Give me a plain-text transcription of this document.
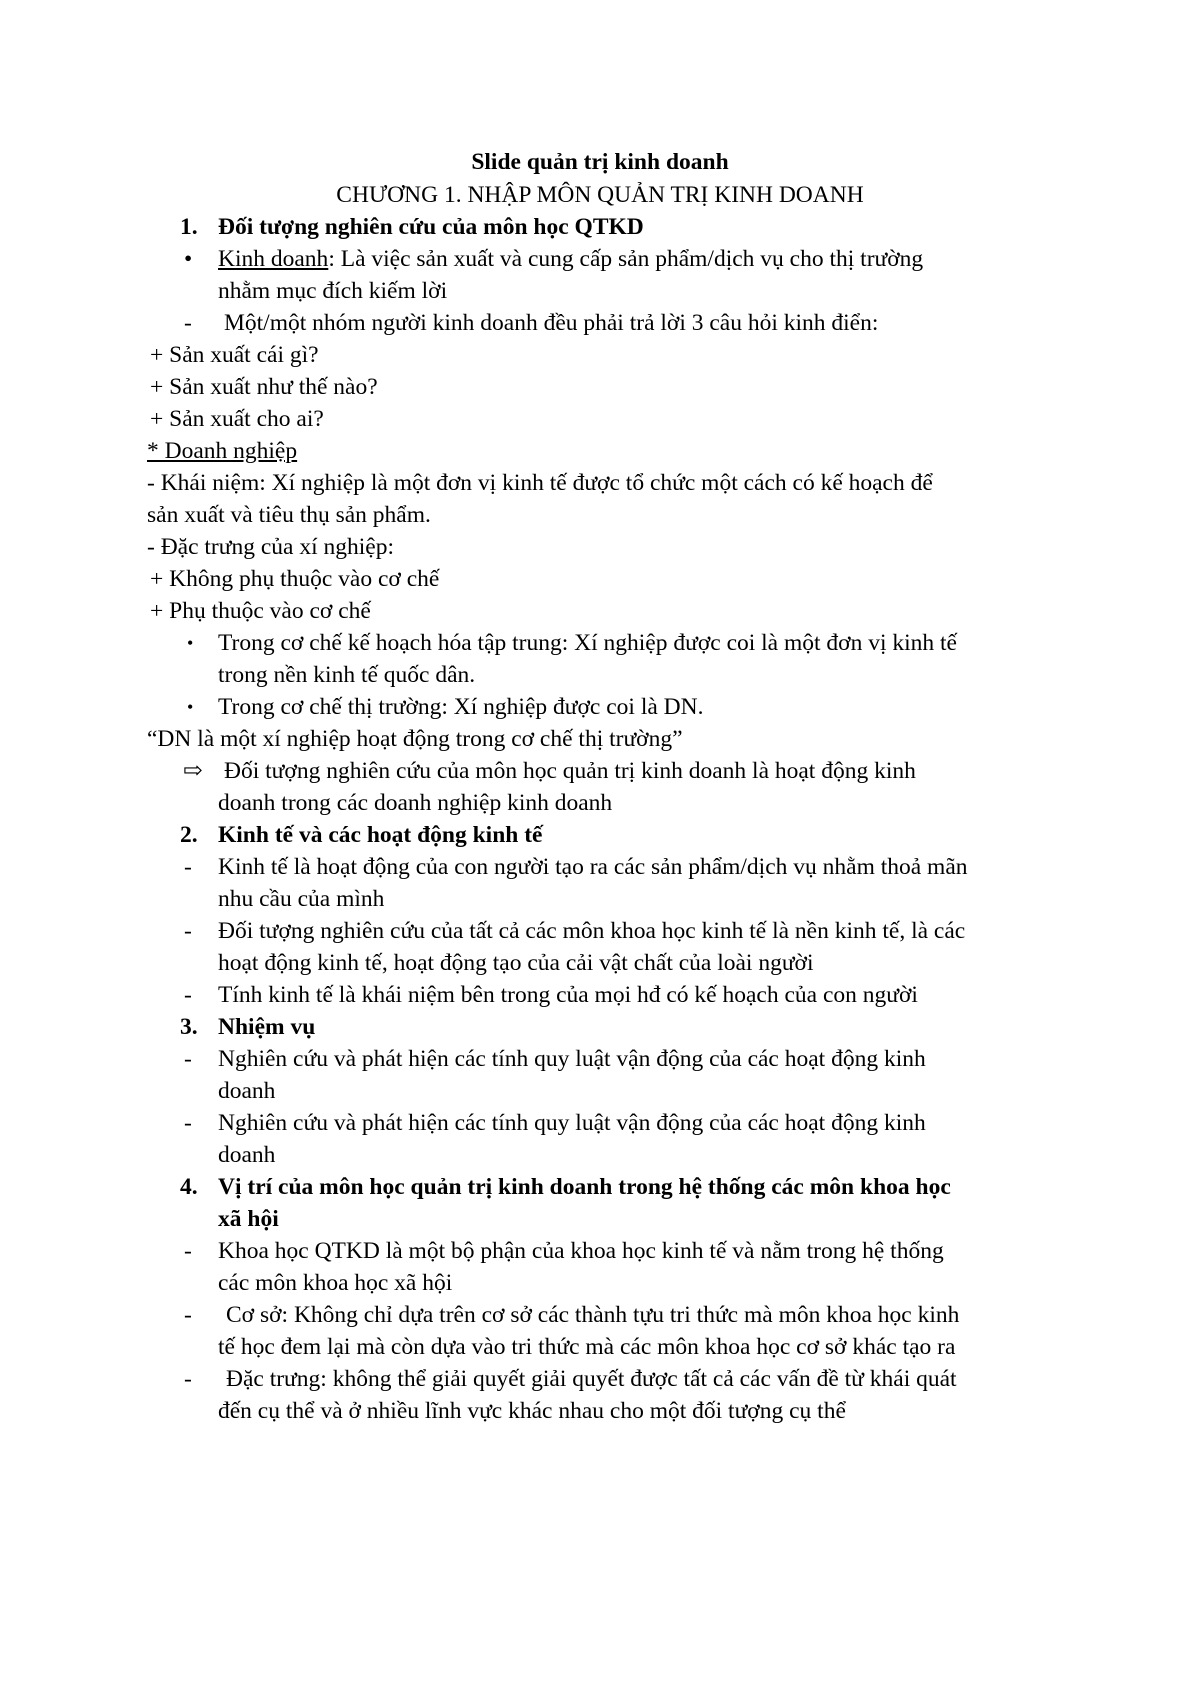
Slide quản trị kinh doanh
CHƯƠNG 1. NHẬP MÔN QUẢN TRỊ KINH DOANH
1. Đối tượng nghiên cứu của môn học QTKD
• Kinh doanh: Là việc sản xuất và cung cấp sản phẩm/dịch vụ cho thị trường
nhằm mục đích kiếm lời
- Một/một nhóm người kinh doanh đều phải trả lời 3 câu hỏi kinh điển:
+ Sản xuất cái gì?
+ Sản xuất như thế nào?
+ Sản xuất cho ai?
* Doanh nghiệp
- Khái niệm: Xí nghiệp là một đơn vị kinh tế được tổ chức một cách có kế hoạch để
sản xuất và tiêu thụ sản phẩm.
- Đặc trưng của xí nghiệp:
+ Không phụ thuộc vào cơ chế
+ Phụ thuộc vào cơ chế
• Trong cơ chế kế hoạch hóa tập trung: Xí nghiệp được coi là một đơn vị kinh tế
trong nền kinh tế quốc dân.
• Trong cơ chế thị trường: Xí nghiệp được coi là DN.
“DN là một xí nghiệp hoạt động trong cơ chế thị trường”
⇨ Đối tượng nghiên cứu của môn học quản trị kinh doanh là hoạt động kinh
doanh trong các doanh nghiệp kinh doanh
2. Kinh tế và các hoạt động kinh tế
- Kinh tế là hoạt động của con người tạo ra các sản phẩm/dịch vụ nhằm thoả mãn
nhu cầu của mình
- Đối tượng nghiên cứu của tất cả các môn khoa học kinh tế là nền kinh tế, là các
hoạt động kinh tế, hoạt động tạo của cải vật chất của loài người
- Tính kinh tế là khái niệm bên trong của mọi hđ có kế hoạch của con người
3. Nhiệm vụ
- Nghiên cứu và phát hiện các tính quy luật vận động của các hoạt động kinh
doanh
- Nghiên cứu và phát hiện các tính quy luật vận động của các hoạt động kinh
doanh
4. Vị trí của môn học quản trị kinh doanh trong hệ thống các môn khoa học
xã hội
- Khoa học QTKD là một bộ phận của khoa học kinh tế và nằm trong hệ thống
các môn khoa học xã hội
- Cơ sở: Không chỉ dựa trên cơ sở các thành tựu tri thức mà môn khoa học kinh
tế học đem lại mà còn dựa vào tri thức mà các môn khoa học cơ sở khác tạo ra
- Đặc trưng: không thể giải quyết giải quyết được tất cả các vấn đề từ khái quát
đến cụ thể và ở nhiều lĩnh vực khác nhau cho một đối tượng cụ thể
